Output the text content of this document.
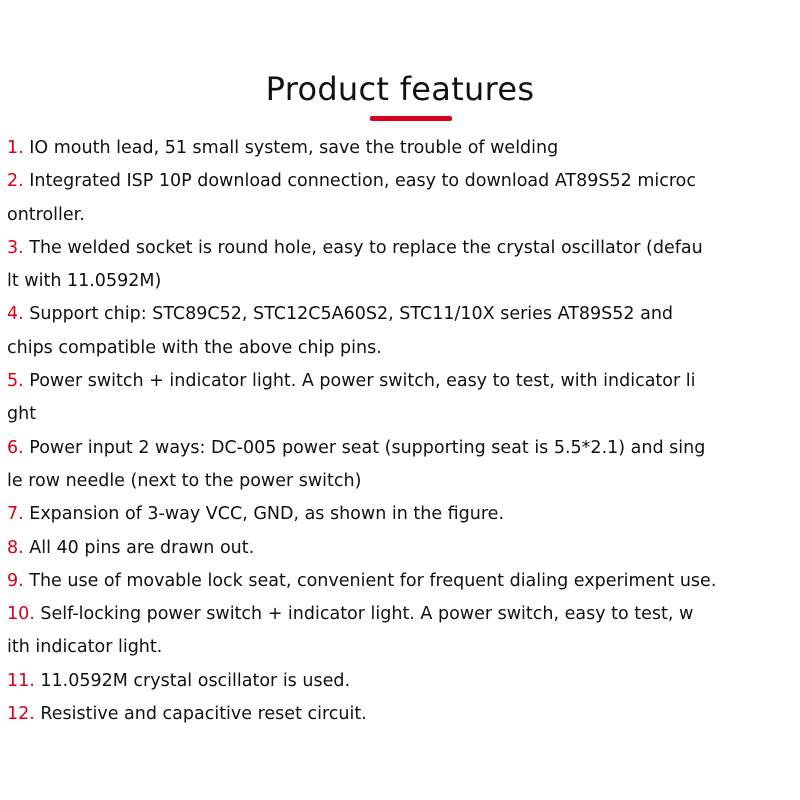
Product features
1. IO mouth lead, 51 small system, save the trouble of welding
2. Integrated ISP 10P download connection, easy to download AT89S52 microc
ontroller.
3. The welded socket is round hole, easy to replace the crystal oscillator (defau
lt with 11.0592M)
4. Support chip: STC89C52, STC12C5A60S2, STC11/10X series AT89S52 and
chips compatible with the above chip pins.
5. Power switch + indicator light. A power switch, easy to test, with indicator li
ght
6. Power input 2 ways: DC-005 power seat (supporting seat is 5.5*2.1) and sing
le row needle (next to the power switch)
7. Expansion of 3-way VCC, GND, as shown in the figure.
8. All 40 pins are drawn out.
9. The use of movable lock seat, convenient for frequent dialing experiment use.
10. Self-locking power switch + indicator light. A power switch, easy to test, w
ith indicator light.
11. 11.0592M crystal oscillator is used.
12. Resistive and capacitive reset circuit.
